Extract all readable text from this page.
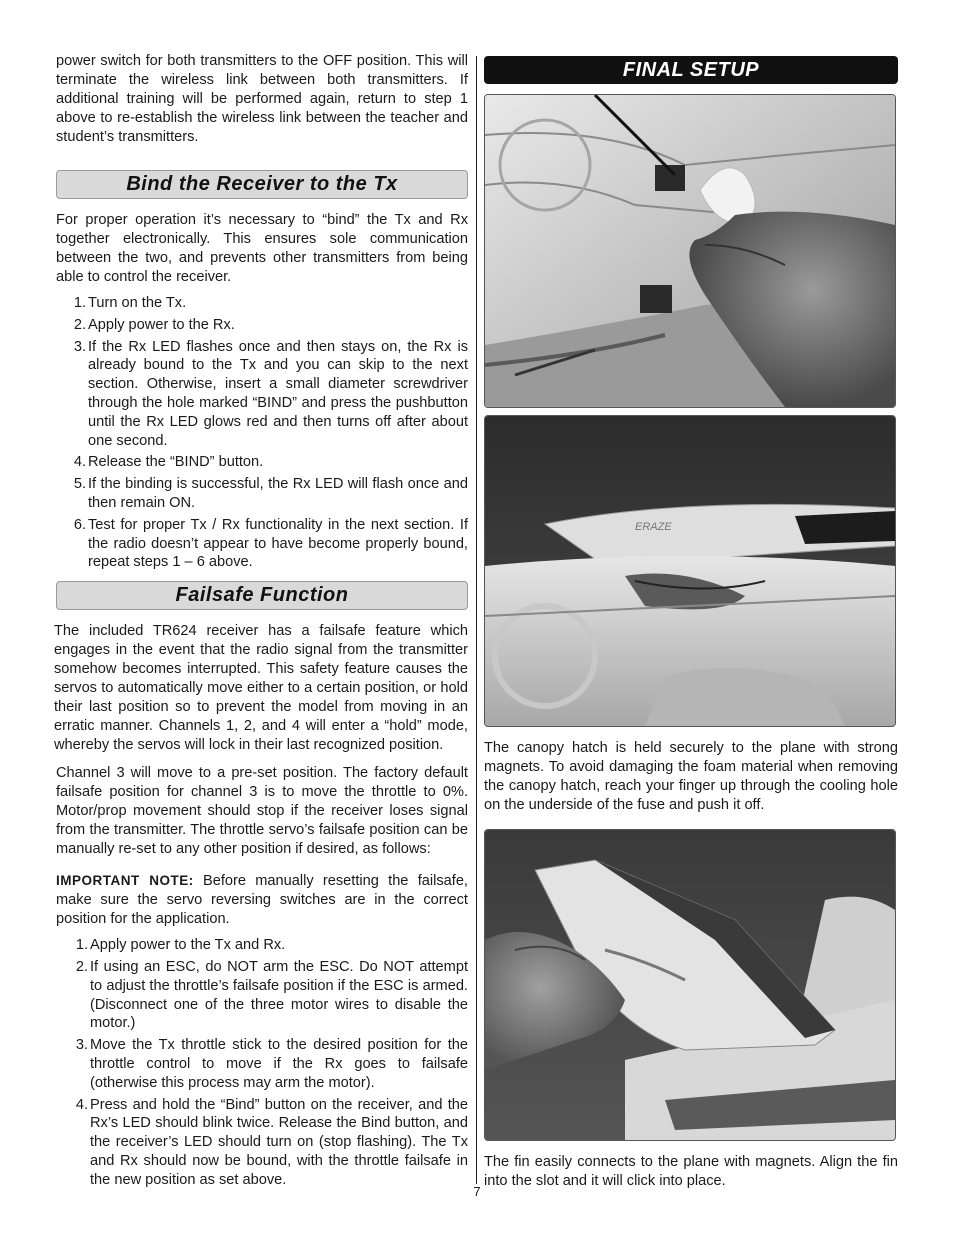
power switch for both transmitters to the OFF position. This will terminate the wireless link between both transmitters. If additional training will be performed again, return to step 1 above to re-establish the wireless link between the teacher and student’s transmitters.

Bind the Receiver to the Tx

For proper operation it’s necessary to “bind” the Tx and Rx together electronically. This ensures sole communication between the two, and prevents other transmitters from being able to control the receiver.

1. Turn on the Tx.
2. Apply power to the Rx.
3. If the Rx LED flashes once and then stays on, the Rx is already bound to the Tx and you can skip to the next section. Otherwise, insert a small diameter screwdriver through the hole marked “BIND” and press the pushbutton until the Rx LED glows red and then turns off after about one second.
4. Release the “BIND” button.
5. If the binding is successful, the Rx LED will flash once and then remain ON.
6. Test for proper Tx / Rx functionality in the next section. If the radio doesn’t appear to have become properly bound, repeat steps 1 – 6 above.
Failsafe Function

The included TR624 receiver has a failsafe feature which engages in the event that the radio signal from the transmitter somehow becomes interrupted. This safety feature causes the servos to automatically move either to a certain position, or hold their last position so to prevent the model from moving in an erratic manner. Channels 1, 2, and 4 will enter a “hold” mode, whereby the servos will lock in their last recognized position.

Channel 3 will move to a pre-set position. The factory default failsafe position for channel 3 is to move the throttle to 0%. Motor/prop movement should stop if the receiver loses signal from the transmitter. The throttle servo’s failsafe position can be manually re-set to any other position if desired, as follows:

IMPORTANT NOTE: Before manually resetting the failsafe, make sure the servo reversing switches are in the correct position for the application.

1. Apply power to the Tx and Rx.
2. If using an ESC, do NOT arm the ESC. Do NOT attempt to adjust the throttle’s failsafe position if the ESC is armed. (Disconnect one of the three motor wires to disable the motor.)
3. Move the Tx throttle stick to the desired position for the throttle control to move if the Rx goes to failsafe (otherwise this process may arm the motor).
4. Press and hold the “Bind” button on the receiver, and the Rx’s LED should blink twice. Release the Bind button, and the receiver’s LED should turn on (stop flashing). The Tx and Rx should now be bound, with the throttle failsafe in the new position as set above.
FINAL SETUP
ERAZE

The canopy hatch is held securely to the plane with strong magnets. To avoid damaging the foam material when removing the canopy hatch, reach your finger up through the cooling hole on the underside of the fuse and push it off.

The fin easily connects to the plane with magnets. Align the fin into the slot and it will click into place.

7
